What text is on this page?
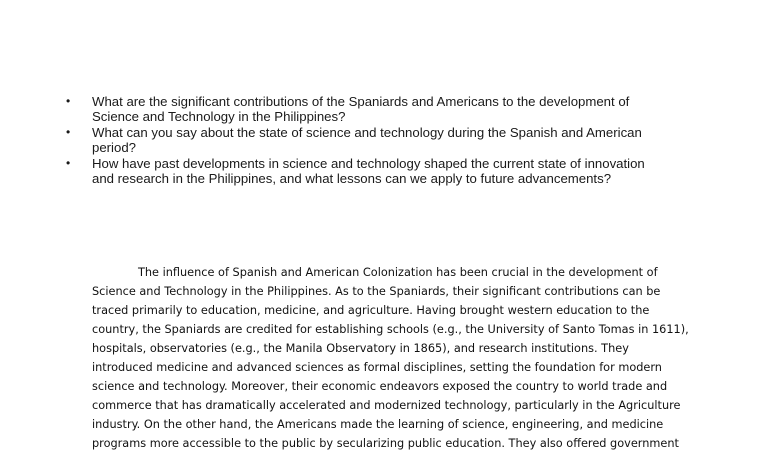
• What are the significant contributions of the Spaniards and Americans to the development of
Science and Technology in the Philippines?
• What can you say about the state of science and technology during the Spanish and American
period?
• How have past developments in science and technology shaped the current state of innovation
and research in the Philippines, and what lessons can we apply to future advancements?

The influence of Spanish and American Colonization has been crucial in the development of
Science and Technology in the Philippines. As to the Spaniards, their significant contributions can be
traced primarily to education, medicine, and agriculture. Having brought western education to the
country, the Spaniards are credited for establishing schools (e.g., the University of Santo Tomas in 1611),
hospitals, observatories (e.g., the Manila Observatory in 1865), and research institutions. They
introduced medicine and advanced sciences as formal disciplines, setting the foundation for modern
science and technology. Moreover, their economic endeavors exposed the country to world trade and
commerce that has dramatically accelerated and modernized technology, particularly in the Agriculture
industry. On the other hand, the Americans made the learning of science, engineering, and medicine
programs more accessible to the public by secularizing public education. They also offered government
